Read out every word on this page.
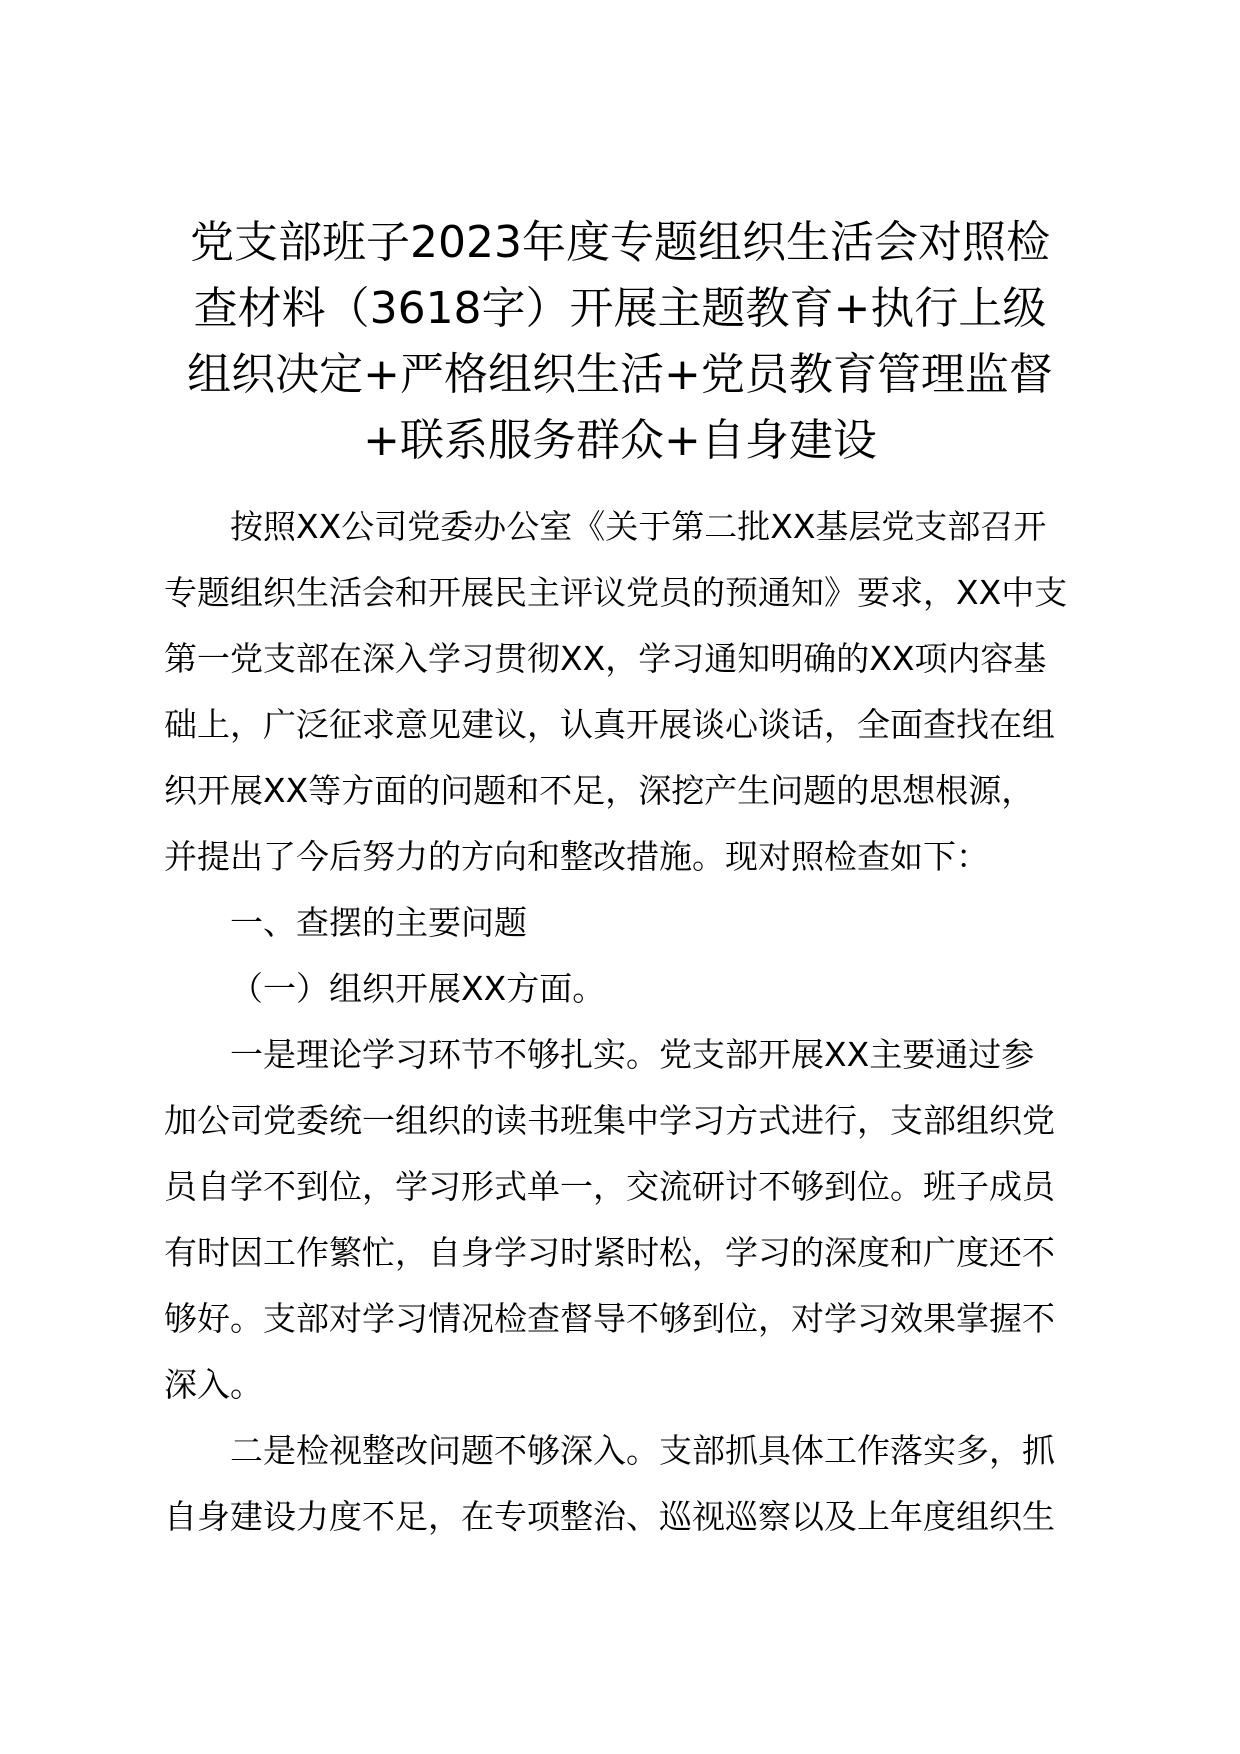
党支部班子2023年度专题组织生活会对照检
查材料（3618字）开展主题教育+执行上级
组织决定+严格组织生活+党员教育管理监督
+联系服务群众+自身建设
按照XX公司党委办公室《关于第二批XX基层党支部召开
专题组织生活会和开展民主评议党员的预通知》要求，XX中支
第一党支部在深入学习贯彻XX，学习通知明确的XX项内容基
础上，广泛征求意见建议，认真开展谈心谈话，全面查找在组
织开展XX等方面的问题和不足，深挖产生问题的思想根源，
并提出了今后努力的方向和整改措施。现对照检查如下：
一、查摆的主要问题
（一）组织开展XX方面。
一是理论学习环节不够扎实。党支部开展XX主要通过参
加公司党委统一组织的读书班集中学习方式进行，支部组织党
员自学不到位，学习形式单一，交流研讨不够到位。班子成员
有时因工作繁忙，自身学习时紧时松，学习的深度和广度还不
够好。支部对学习情况检查督导不够到位，对学习效果掌握不
深入。
二是检视整改问题不够深入。支部抓具体工作落实多，抓
自身建设力度不足，在专项整治、巡视巡察以及上年度组织生
